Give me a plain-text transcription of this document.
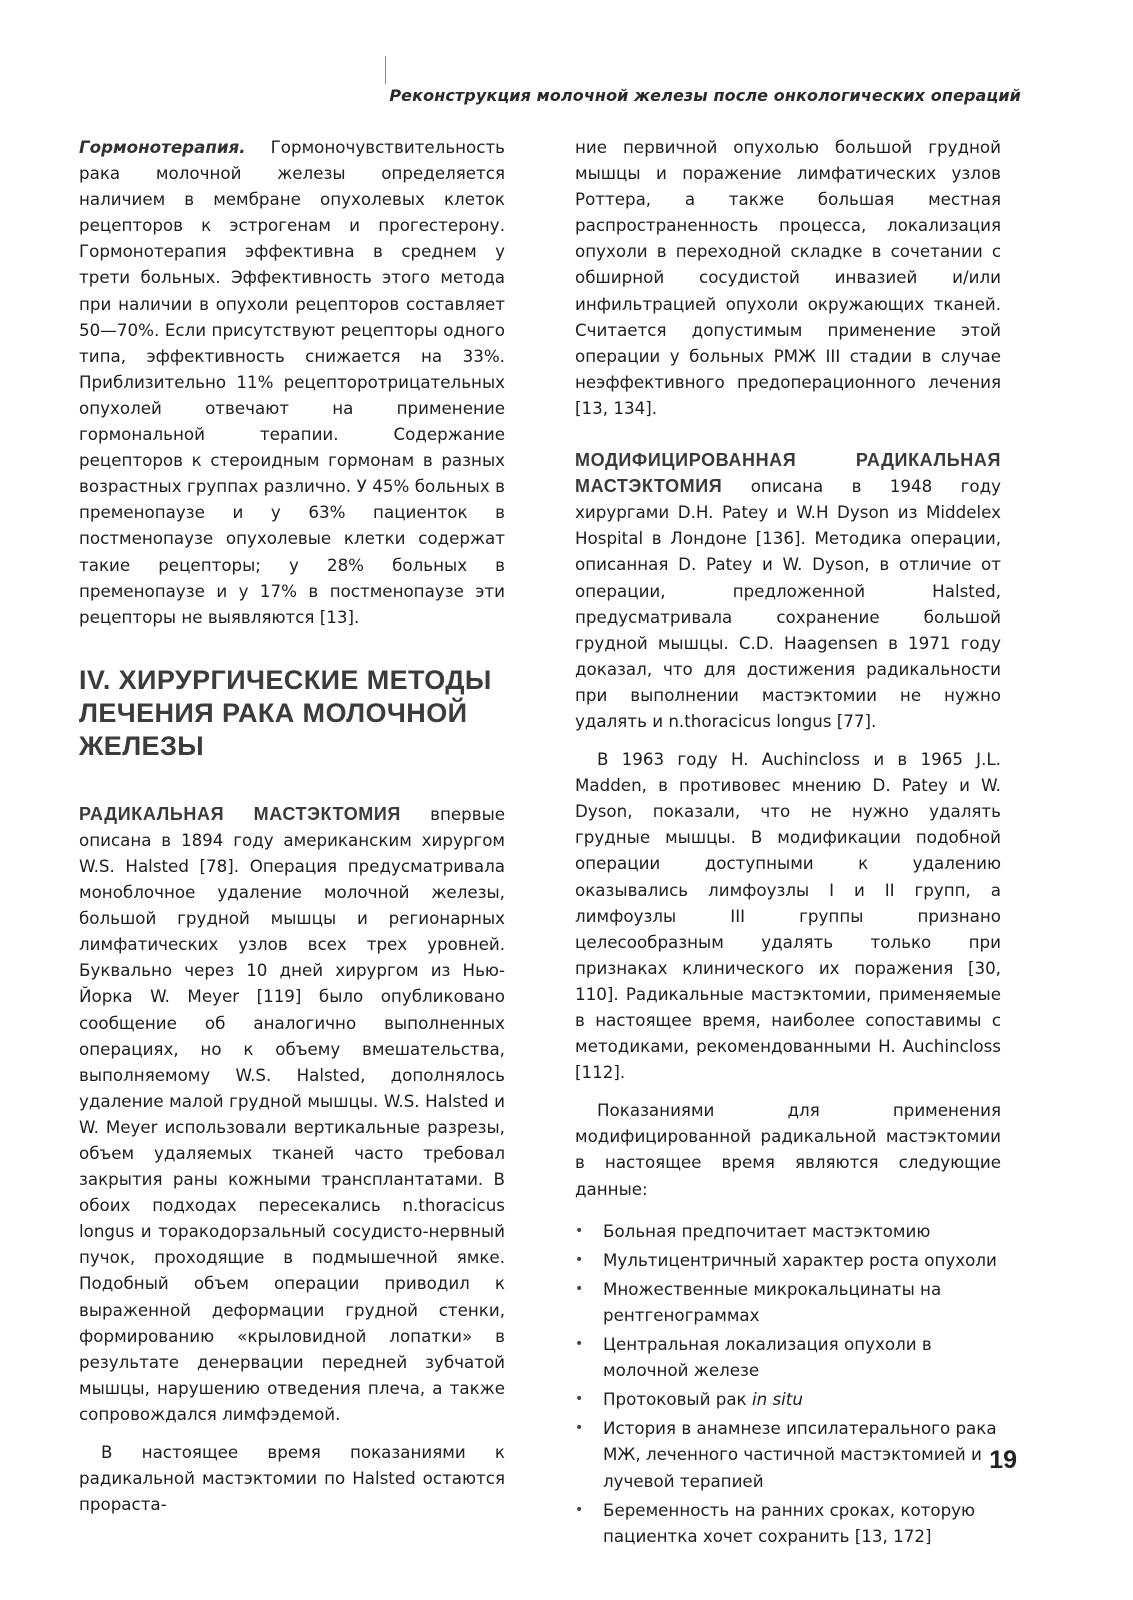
Реконструкция молочной железы после онкологических операций

Гормонотерапия. Гормоночувствительность рака молочной железы определяется наличием в мембране опухолевых клеток рецепторов к эстрогенам и прогестерону. Гормонотерапия эффективна в среднем у трети больных. Эффективность этого метода при наличии в опухоли рецепторов составляет 50—70%. Если присутствуют рецепторы одного типа, эффективность снижается на 33%. Приблизительно 11% рецепторотрицательных опухолей отвечают на применение гормональной терапии. Содержание рецепторов к стероидным гормонам в разных возрастных группах различно. У 45% больных в пременопаузе и у 63% пациенток в постменопаузе опухолевые клетки содержат такие рецепторы; у 28% больных в пременопаузе и у 17% в постменопаузе эти рецепторы не выявляются [13].

IV. ХИРУРГИЧЕСКИЕ МЕТОДЫ ЛЕЧЕНИЯ РАКА МОЛОЧНОЙ ЖЕЛЕЗЫ

РАДИКАЛЬНАЯ МАСТЭКТОМИЯ впервые описана в 1894 году американским хирургом W.S. Halsted [78]. Операция предусматривала моноблочное удаление молочной железы, большой грудной мышцы и регионарных лимфатических узлов всех трех уровней. Буквально через 10 дней хирургом из Нью-Йорка W. Meyer [119] было опубликовано сообщение об аналогично выполненных операциях, но к объему вмешательства, выполняемому W.S. Halsted, дополнялось удаление малой грудной мышцы. W.S. Halsted и W. Meyer использовали вертикальные разрезы, объем удаляемых тканей часто требовал закрытия раны кожными трансплантатами. В обоих подходах пересекались n.thoracicus longus и торакодорзальный сосудисто-нервный пучок, проходящие в подмышечной ямке. Подобный объем операции приводил к выраженной деформации грудной стенки, формированию «крыловидной лопатки» в результате денервации передней зубчатой мышцы, нарушению отведения плеча, а также сопровождался лимфэдемой.

В настоящее время показаниями к радикальной мастэктомии по Halsted остаются прораста-

ние первичной опухолью большой грудной мышцы и поражение лимфатических узлов Роттера, а также большая местная распространенность процесса, локализация опухоли в переходной складке в сочетании с обширной сосудистой инвазией и/или инфильтрацией опухоли окружающих тканей. Считается допустимым применение этой операции у больных РМЖ III стадии в случае неэффективного предоперационного лечения [13, 134].

МОДИФИЦИРОВАННАЯ РАДИКАЛЬНАЯ МАСТЭКТОМИЯ описана в 1948 году хирургами D.H. Patey и W.H Dyson из Middelex Hospital в Лондоне [136]. Методика операции, описанная D. Patey и W. Dyson, в отличие от операции, предложенной Halsted, предусматривала сохранение большой грудной мышцы. C.D. Haagensen в 1971 году доказал, что для достижения радикальности при выполнении мастэктомии не нужно удалять и n.thoracicus longus [77].

В 1963 году H. Auchincloss и в 1965 J.L. Madden, в противовес мнению D. Patey и W. Dyson, показали, что не нужно удалять грудные мышцы. В модификации подобной операции доступными к удалению оказывались лимфоузлы I и II групп, а лимфоузлы III группы признано целесообразным удалять только при признаках клинического их поражения [30, 110]. Радикальные мастэктомии, применяемые в настоящее время, наиболее сопоставимы с методиками, рекомендованными H. Auchincloss [112].

Показаниями для применения модифицированной радикальной мастэктомии в настоящее время являются следующие данные:

• Больная предпочитает мастэктомию
• Мультицентричный характер роста опухоли
• Множественные микрокальцинаты на рентгенограммах
• Центральная локализация опухоли в молочной железе
• Протоковый рак in situ
• История в анамнезе ипсилатерального рака МЖ, леченного частичной мастэктомией и лучевой терапией
• Беременность на ранних сроках, которую пациентка хочет сохранить [13, 172]
19
